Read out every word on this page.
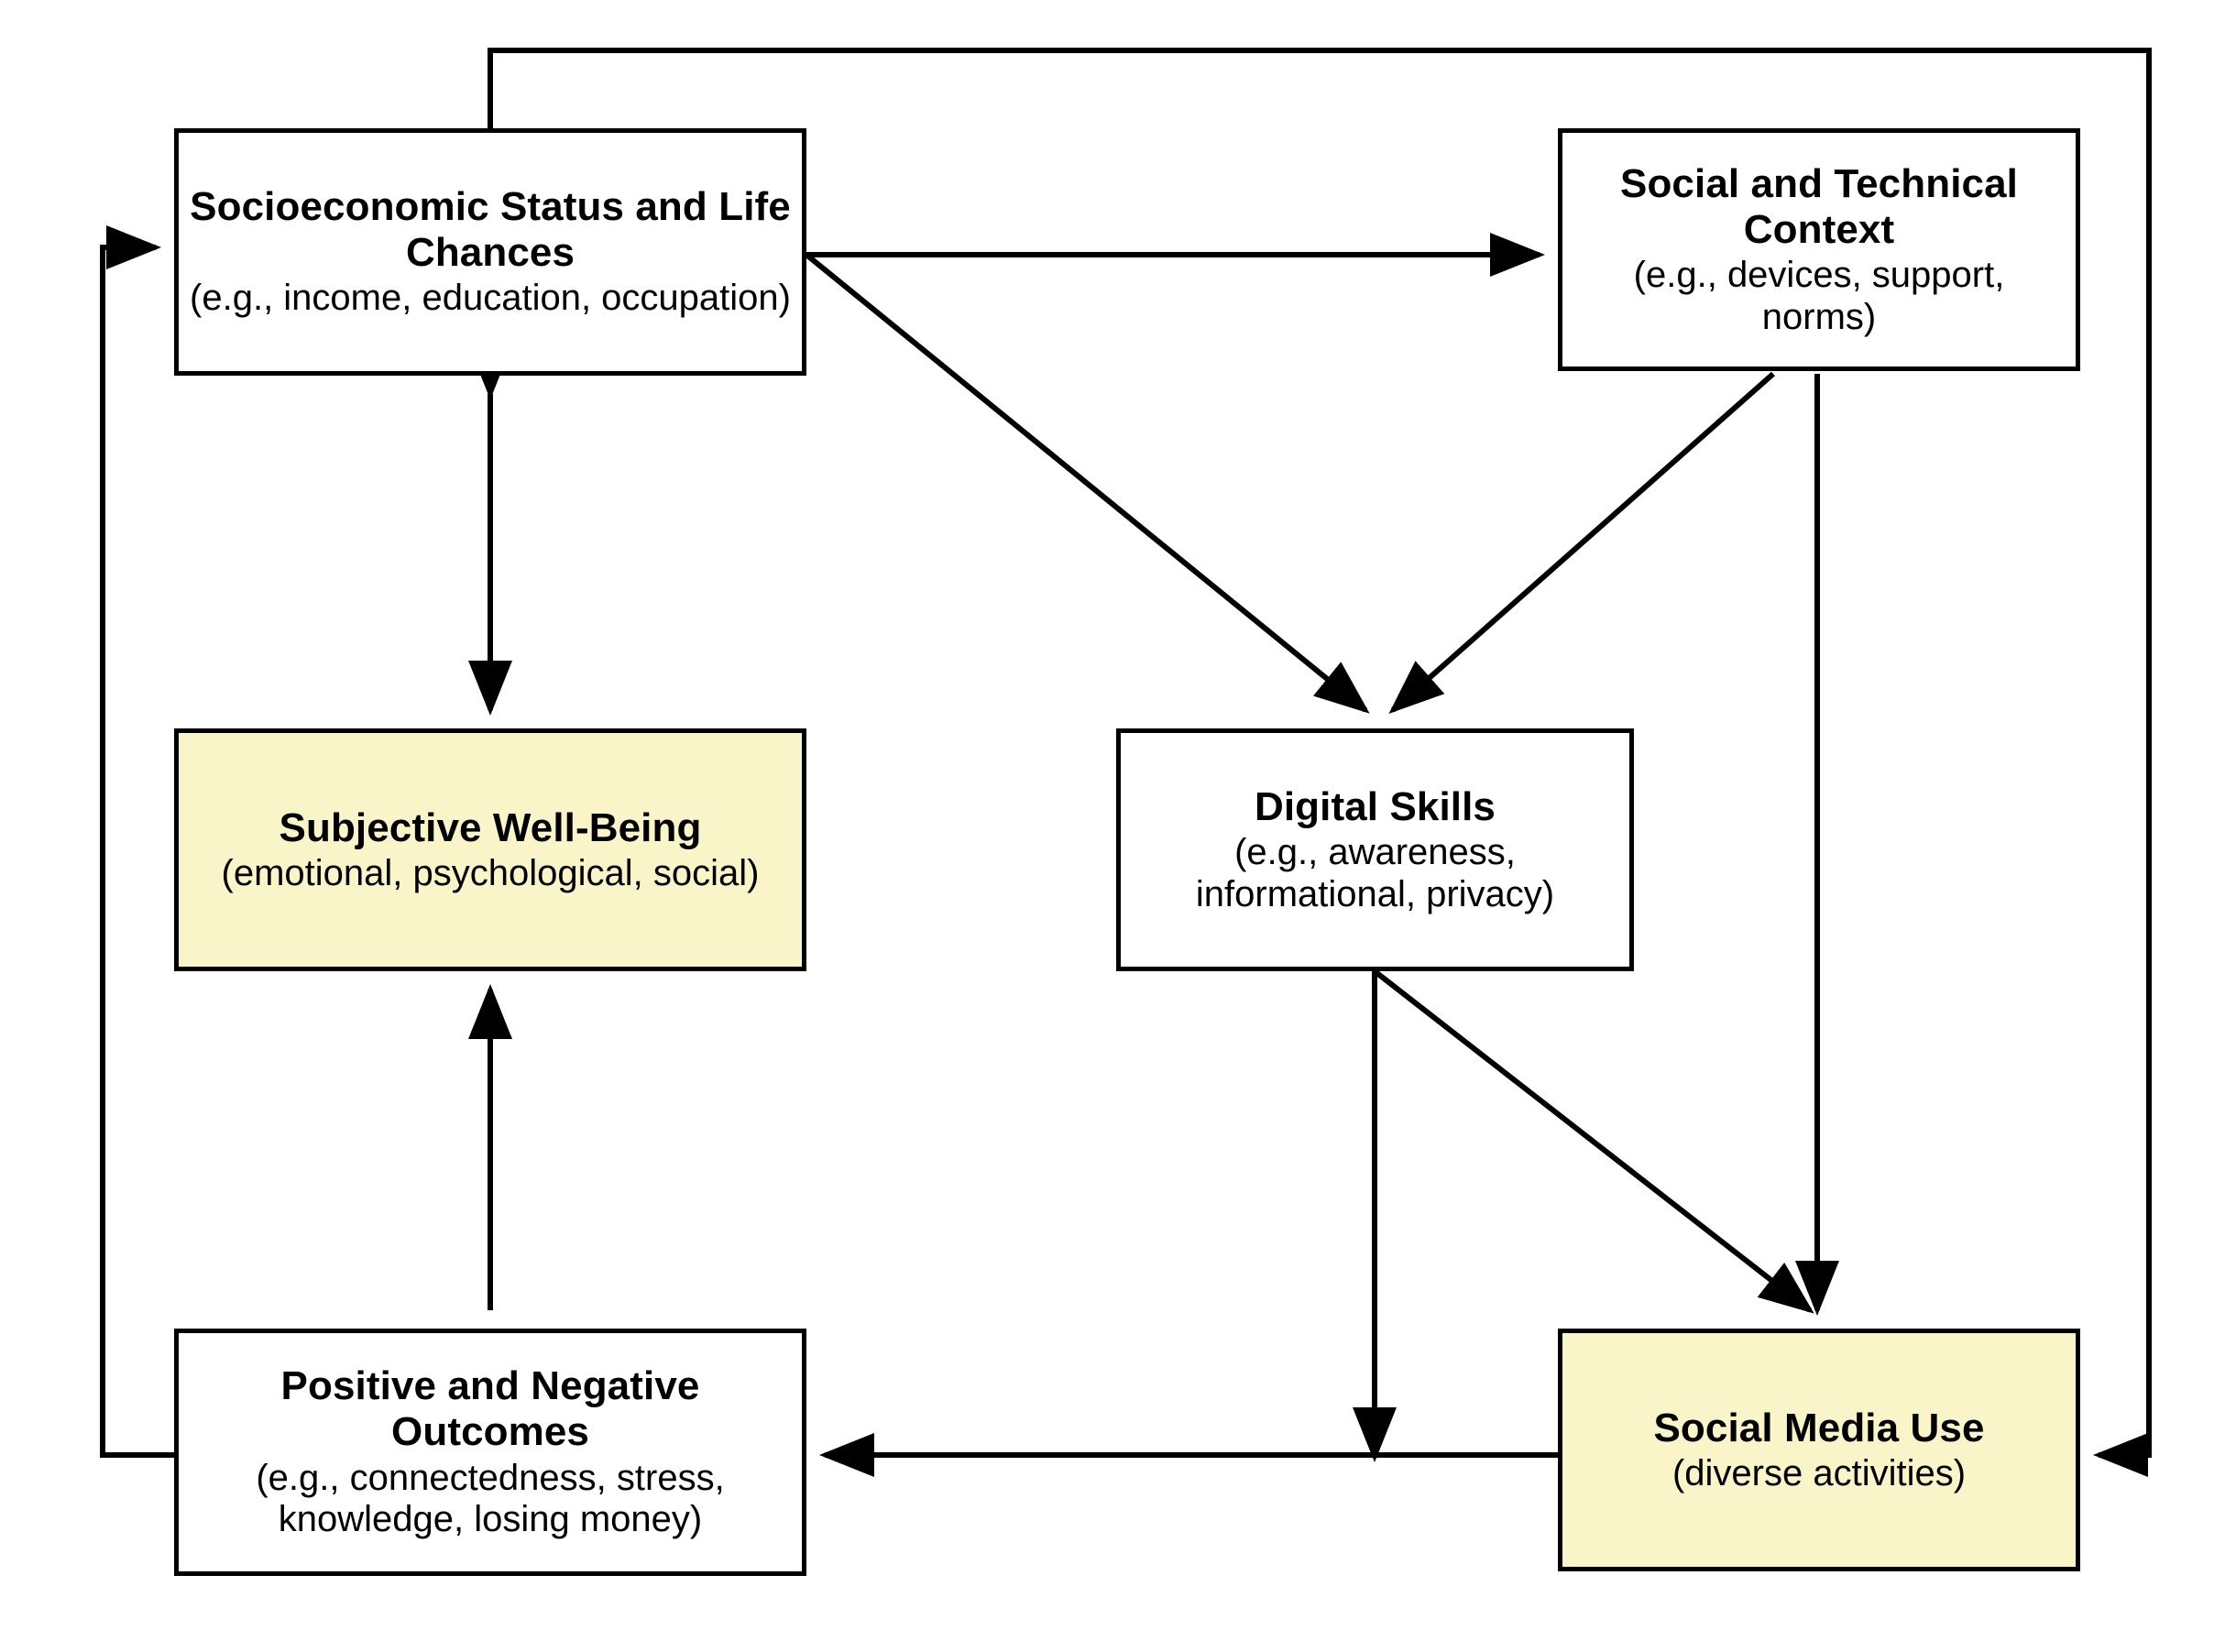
Socioeconomic Status and Life Chances
(e.g., income, education, occupation)
Social and Technical Context
(e.g., devices, support, norms)
Subjective Well-Being
(emotional, psychological, social)
Digital Skills
(e.g., awareness, informational, privacy)
Positive and Negative Outcomes
(e.g., connectedness, stress, knowledge, losing money)
Social Media Use
(diverse activities)
